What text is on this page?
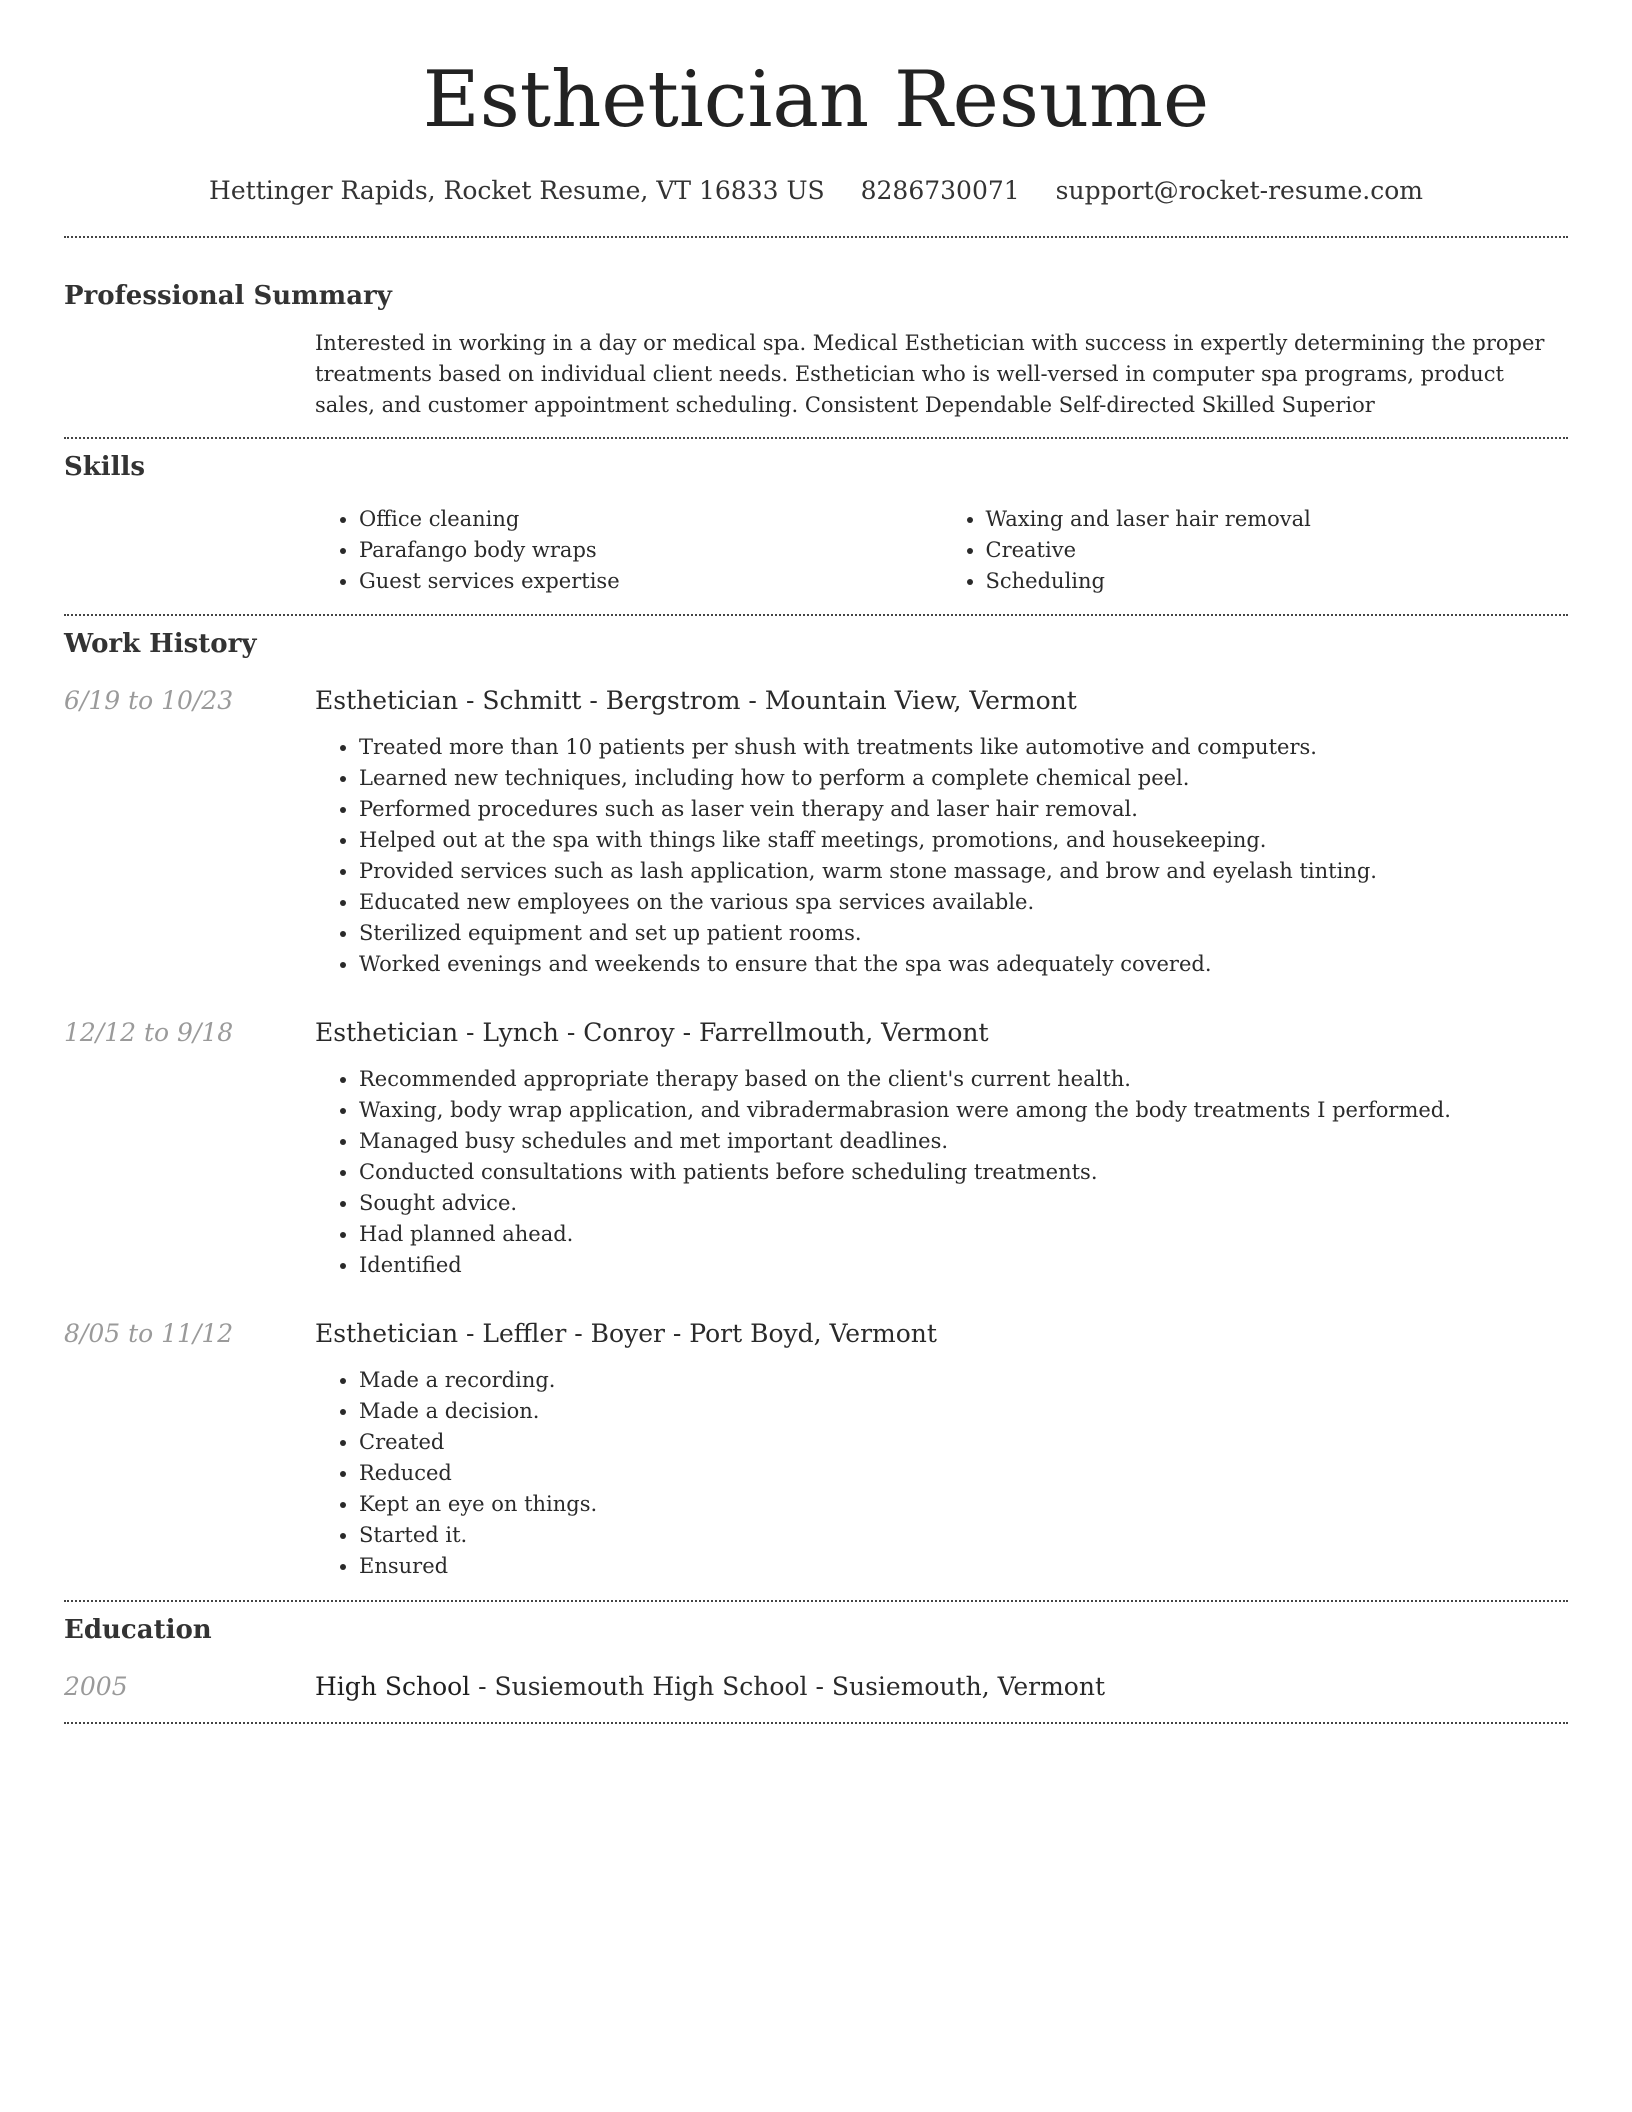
Esthetician Resume
Hettinger Rapids, Rocket Resume, VT 16833 US 8286730071 support@rocket-resume.com
Professional Summary

Interested in working in a day or medical spa. Medical Esthetician with success in expertly determining the proper treatments based on individual client needs. Esthetician who is well-versed in computer spa programs, product sales, and customer appointment scheduling. Consistent Dependable Self-directed Skilled Superior

Skills
• Office cleaning
• Parafango body wraps
• Guest services expertise
• Waxing and laser hair removal
• Creative
• Scheduling
Work History
6/19 to 10/23	Esthetician - Schmitt - Bergstrom - Mountain View, Vermont
• Treated more than 10 patients per shush with treatments like automotive and computers.
• Learned new techniques, including how to perform a complete chemical peel.
• Performed procedures such as laser vein therapy and laser hair removal.
• Helped out at the spa with things like staff meetings, promotions, and housekeeping.
• Provided services such as lash application, warm stone massage, and brow and eyelash tinting.
• Educated new employees on the various spa services available.
• Sterilized equipment and set up patient rooms.
• Worked evenings and weekends to ensure that the spa was adequately covered.
12/12 to 9/18	Esthetician - Lynch - Conroy - Farrellmouth, Vermont
• Recommended appropriate therapy based on the client's current health.
• Waxing, body wrap application, and vibradermabrasion were among the body treatments I performed.
• Managed busy schedules and met important deadlines.
• Conducted consultations with patients before scheduling treatments.
• Sought advice.
• Had planned ahead.
• Identified
8/05 to 11/12	Esthetician - Leffler - Boyer - Port Boyd, Vermont
• Made a recording.
• Made a decision.
• Created
• Reduced
• Kept an eye on things.
• Started it.
• Ensured
Education
2005	High School - Susiemouth High School - Susiemouth, Vermont
